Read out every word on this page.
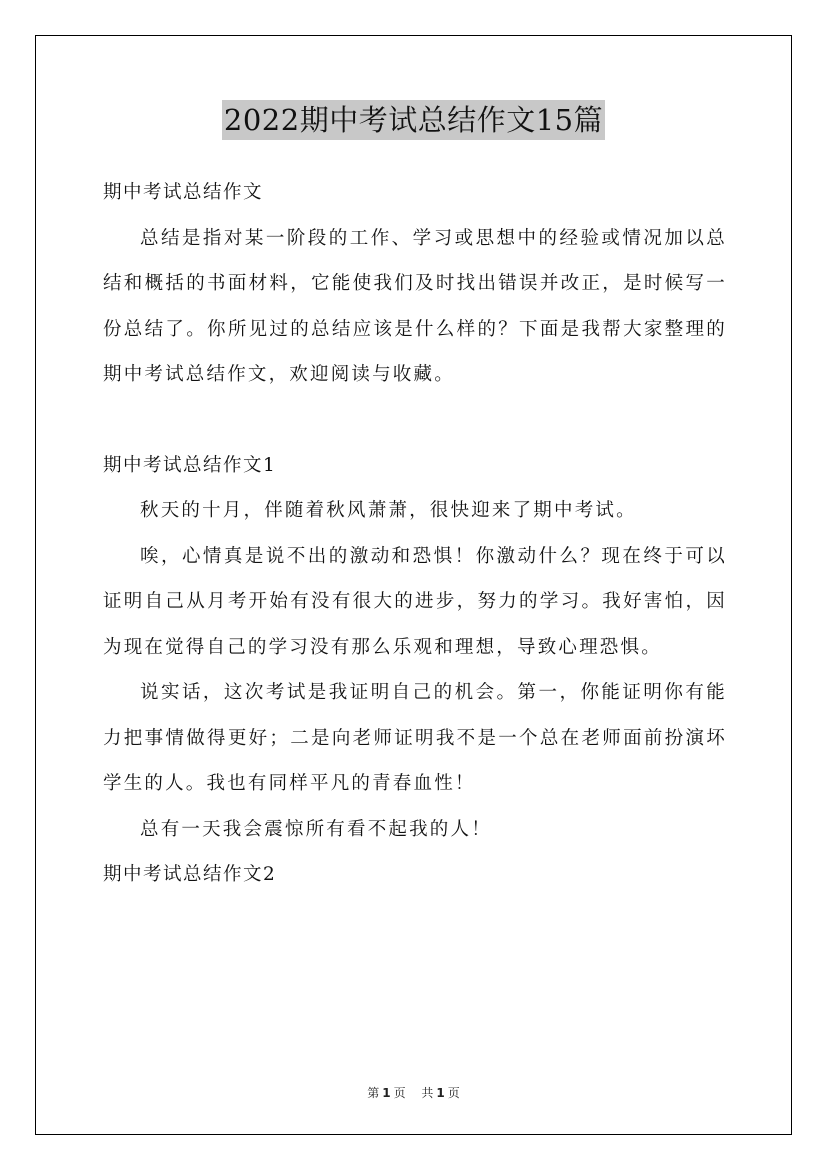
2022期中考试总结作文15篇

期中考试总结作文

总结是指对某一阶段的工作、学习或思想中的经验或情况加以总结和概括的书面材料，它能使我们及时找出错误并改正，是时候写一份总结了。你所见过的总结应该是什么样的？下面是我帮大家整理的期中考试总结作文，欢迎阅读与收藏。

期中考试总结作文1

秋天的十月，伴随着秋风萧萧，很快迎来了期中考试。

唉，心情真是说不出的激动和恐惧！你激动什么？现在终于可以证明自己从月考开始有没有很大的进步，努力的学习。我好害怕，因为现在觉得自己的学习没有那么乐观和理想，导致心理恐惧。

说实话，这次考试是我证明自己的机会。第一，你能证明你有能力把事情做得更好；二是向老师证明我不是一个总在老师面前扮演坏学生的人。我也有同样平凡的青春血性！

总有一天我会震惊所有看不起我的人！

期中考试总结作文2

第 1 页 共 1 页
